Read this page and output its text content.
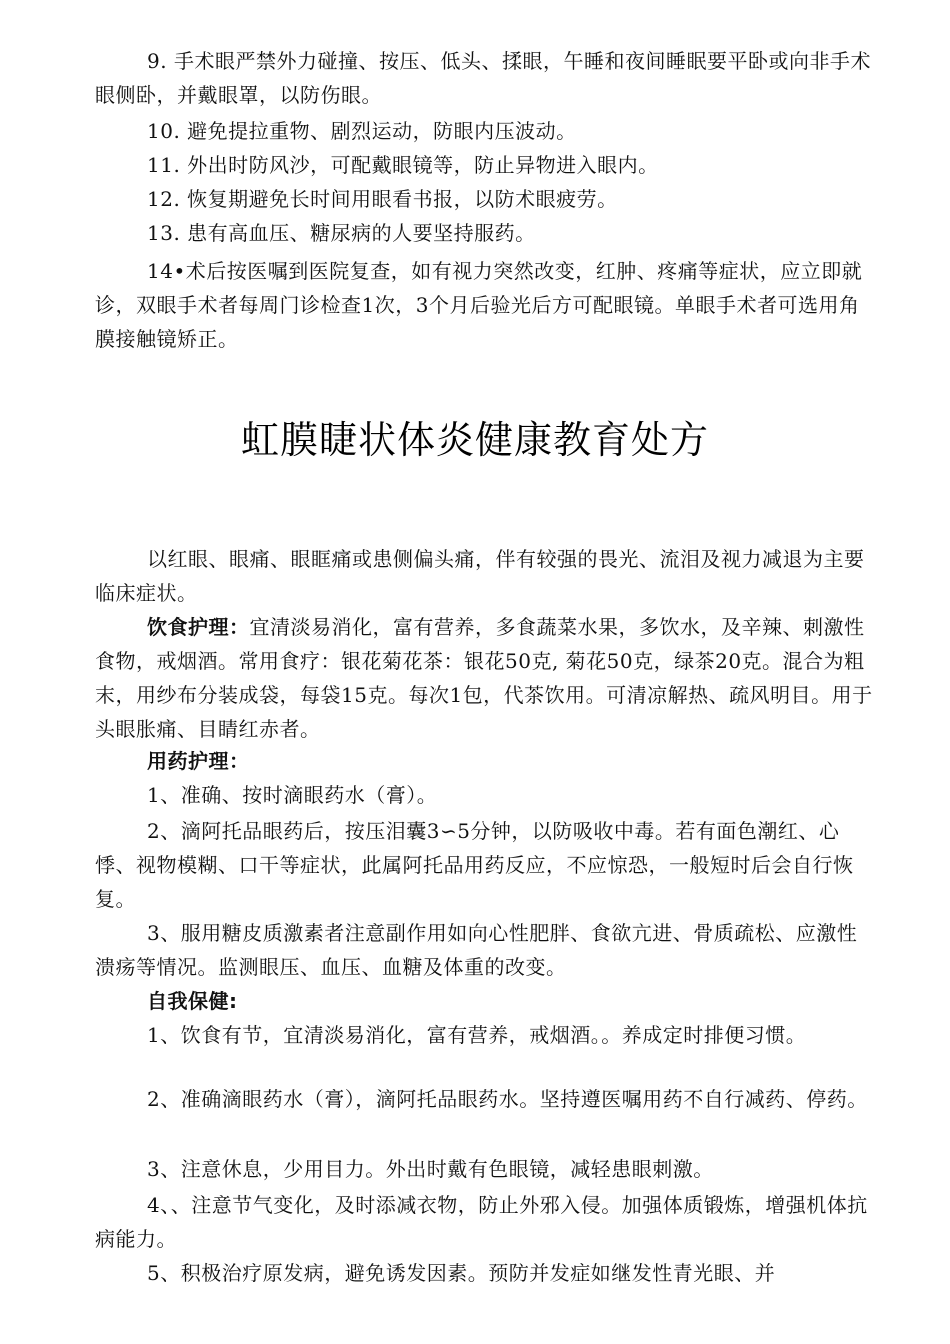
9. 手术眼严禁外力碰撞、按压、低头、揉眼，午睡和夜间睡眠要平卧或向非手术眼侧卧，并戴眼罩，以防伤眼。

10. 避免提拉重物、剧烈运动，防眼内压波动。

11. 外出时防风沙，可配戴眼镜等，防止异物进入眼内。

12. 恢复期避免长时间用眼看书报，以防术眼疲劳。

13. 患有高血压、糖尿病的人要坚持服药。

14•术后按医嘱到医院复查，如有视力突然改变，红肿、疼痛等症状，应立即就诊，双眼手术者每周门诊检查1次，3个月后验光后方可配眼镜。单眼手术者可选用角膜接触镜矫正。

虹膜睫状体炎健康教育处方

以红眼、眼痛、眼眶痛或患侧偏头痛，伴有较强的畏光、流泪及视力减退为主要临床症状。

饮食护理：宜清淡易消化，富有营养，多食蔬菜水果，多饮水，及辛辣、刺激性食物，戒烟酒。常用食疗：银花菊花茶：银花50克, 菊花50克，绿茶20克。混合为粗末，用纱布分装成袋，每袋15克。每次1包，代茶饮用。可清凉解热、疏风明目。用于头眼胀痛、目睛红赤者。

用药护理：

1、准确、按时滴眼药水（膏）。

2、滴阿托品眼药后，按压泪囊3∽5分钟，以防吸收中毒。若有面色潮红、心悸、视物模糊、口干等症状，此属阿托品用药反应，不应惊恐，一般短时后会自行恢复。

3、服用糖皮质激素者注意副作用如向心性肥胖、食欲亢进、骨质疏松、应激性溃疡等情况。监测眼压、血压、血糖及体重的改变。

自我保健:

1、饮食有节，宜清淡易消化，富有营养，戒烟酒。。养成定时排便习惯。

2、准确滴眼药水（膏），滴阿托品眼药水。坚持遵医嘱用药不自行减药、停药。

3、注意休息，少用目力。外出时戴有色眼镜，减轻患眼刺激。

4、、注意节气变化，及时添减衣物，防止外邪入侵。加强体质锻炼，增强机体抗病能力。

5、积极治疗原发病，避免诱发因素。预防并发症如继发性青光眼、并
